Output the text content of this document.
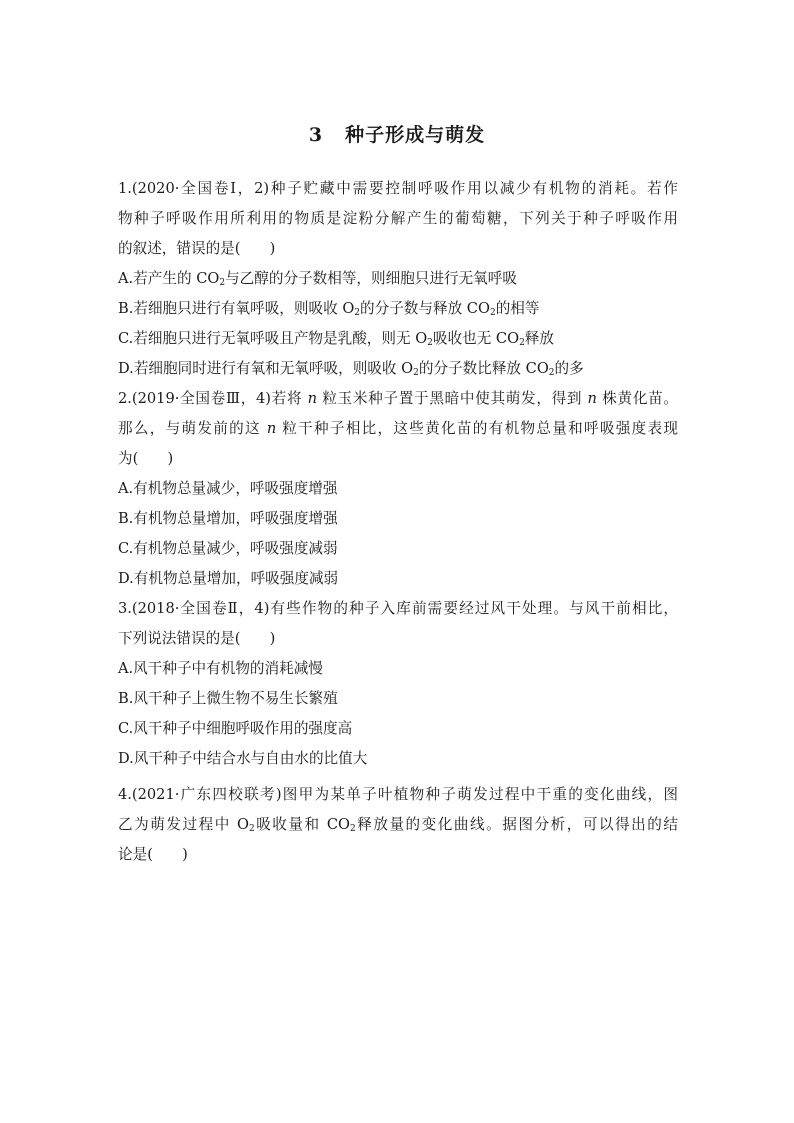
3 种子形成与萌发
1.(2020·全国卷Ⅰ，2)种子贮藏中需要控制呼吸作用以减少有机物的消耗。若作
物种子呼吸作用所利用的物质是淀粉分解产生的葡萄糖，下列关于种子呼吸作用
的叙述，错误的是(　　)
A.若产生的 $CO_2$与乙醇的分子数相等，则细胞只进行无氧呼吸
B.若细胞只进行有氧呼吸，则吸收 $O_2$的分子数与释放 $CO_2$的相等
C.若细胞只进行无氧呼吸且产物是乳酸，则无 $O_2$吸收也无 $CO_2$释放
D.若细胞同时进行有氧和无氧呼吸，则吸收 $O_2$的分子数比释放 $CO_2$的多
2.(2019·全国卷Ⅲ，4)若将 n 粒玉米种子置于黑暗中使其萌发，得到 n 株黄化苗。
那么，与萌发前的这 n 粒干种子相比，这些黄化苗的有机物总量和呼吸强度表现
为(　　)
A.有机物总量减少，呼吸强度增强
B.有机物总量增加，呼吸强度增强
C.有机物总量减少，呼吸强度减弱
D.有机物总量增加，呼吸强度减弱
3.(2018·全国卷Ⅱ，4)有些作物的种子入库前需要经过风干处理。与风干前相比，
下列说法错误的是(　　)
A.风干种子中有机物的消耗减慢
B.风干种子上微生物不易生长繁殖
C.风干种子中细胞呼吸作用的强度高
D.风干种子中结合水与自由水的比值大
4.(2021·广东四校联考)图甲为某单子叶植物种子萌发过程中干重的变化曲线，图
乙为萌发过程中 $O_2$吸收量和 $CO_2$释放量的变化曲线。据图分析，可以得出的结
论是(　　)
